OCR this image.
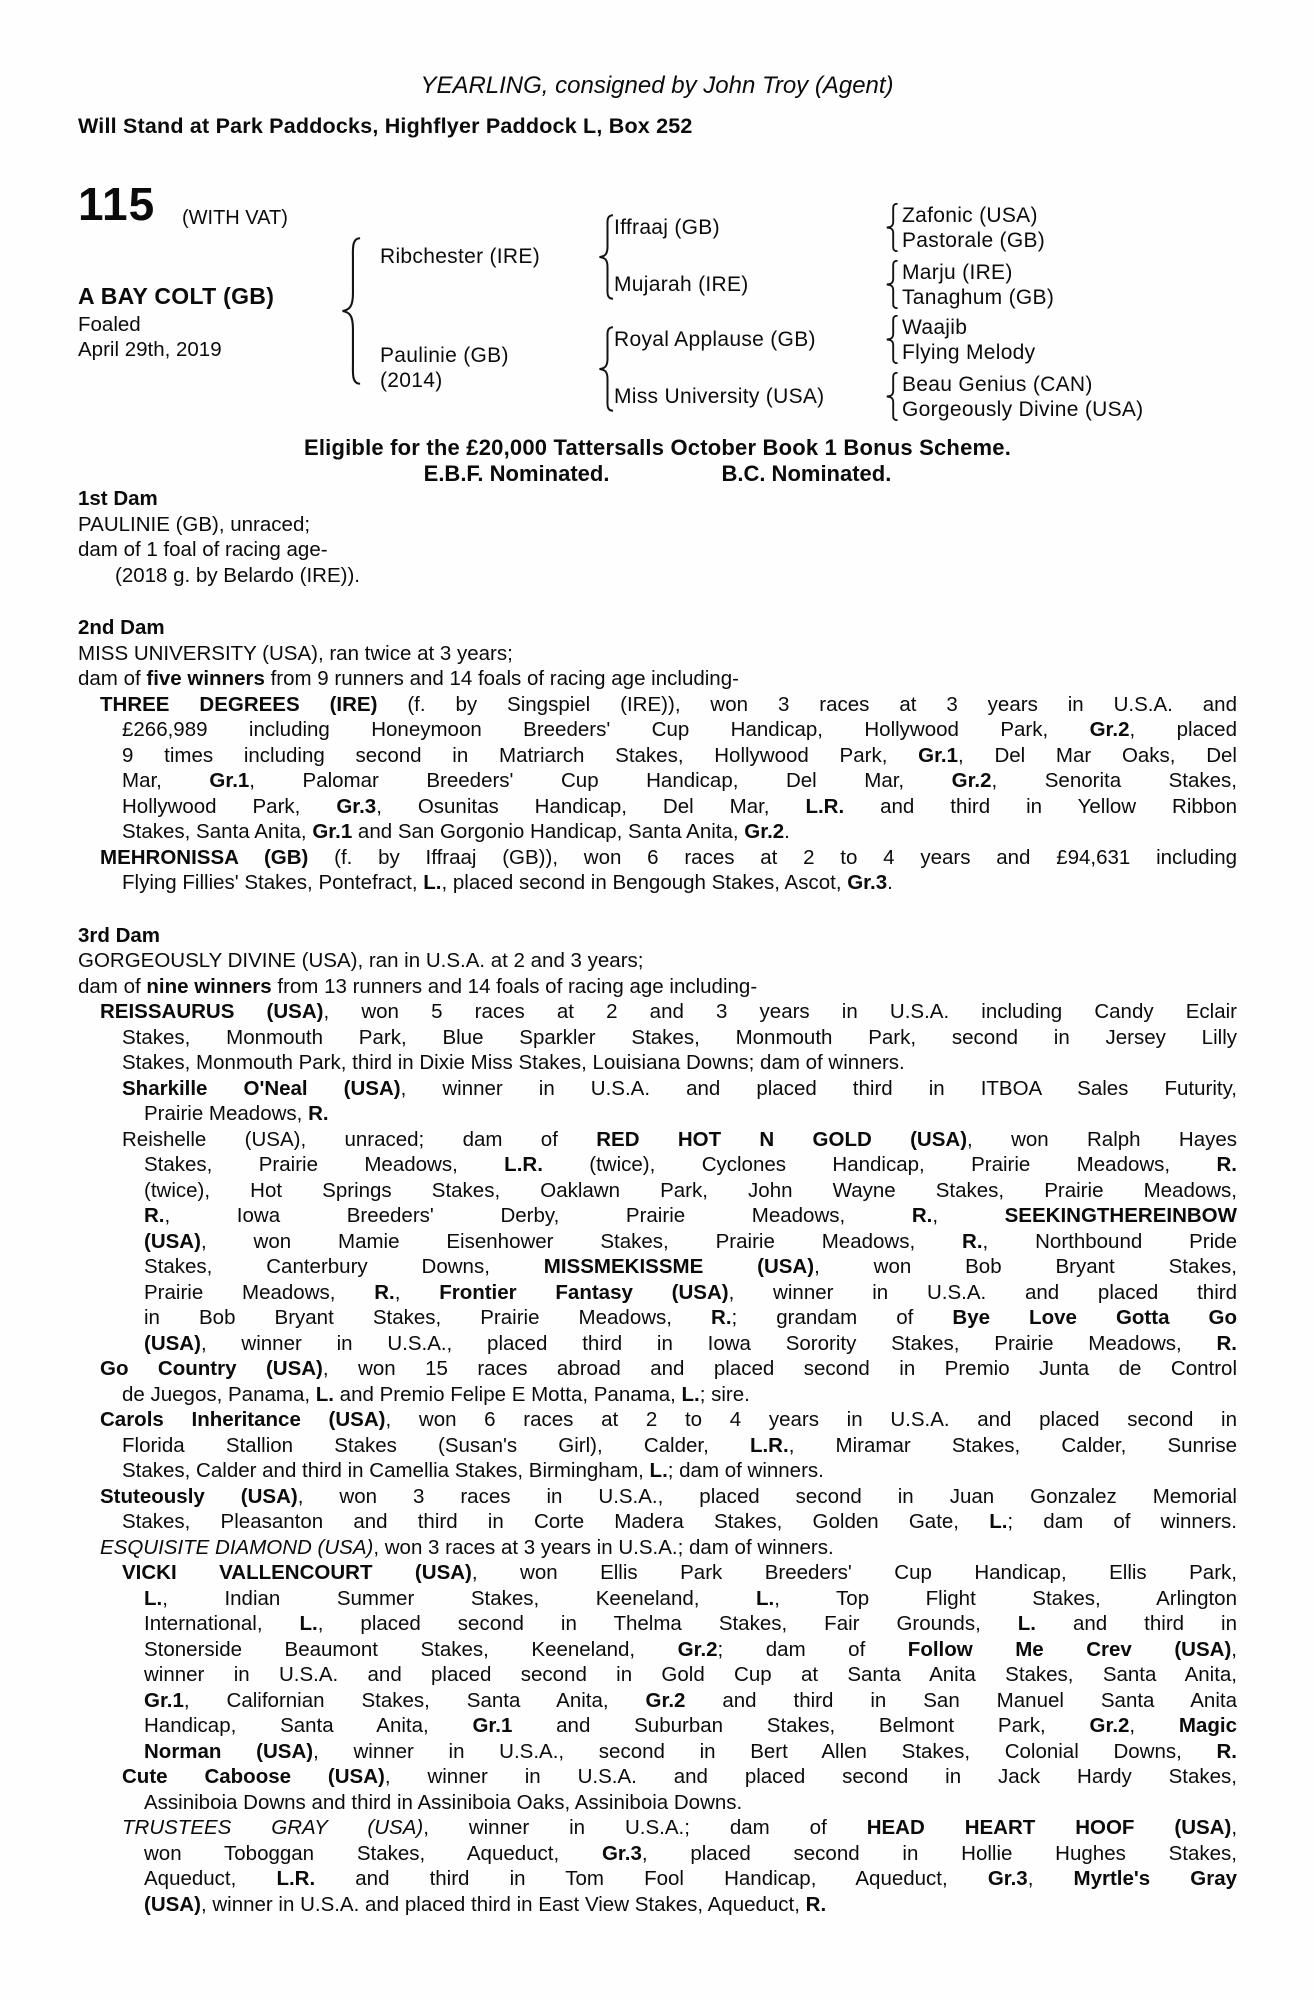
YEARLING, consigned by John Troy (Agent)
Will Stand at Park Paddocks, Highflyer Paddock L, Box 252
115 (WITH VAT)
A BAY COLT (GB)
Foaled
April 29th, 2019
Ribchester (IRE)
Paulinie (GB)
(2014)
Iffraaj (GB)
Mujarah (IRE)
Royal Applause (GB)
Miss University (USA)
Zafonic (USA)
Pastorale (GB)
Marju (IRE)
Tanaghum (GB)
Waajib
Flying Melody
Beau Genius (CAN)
Gorgeously Divine (USA)
Eligible for the £20,000 Tattersalls October Book 1 Bonus Scheme.
E.B.F. Nominated.	B.C. Nominated.
1st Dam
PAULINIE (GB), unraced;
dam of 1 foal of racing age-
(2018 g. by Belardo (IRE)).
2nd Dam
MISS UNIVERSITY (USA), ran twice at 3 years;
dam of five winners from 9 runners and 14 foals of racing age including-
THREE DEGREES (IRE) (f. by Singspiel (IRE)), won 3 races at 3 years in U.S.A. and
£266,989 including Honeymoon Breeders' Cup Handicap, Hollywood Park, Gr.2, placed
9 times including second in Matriarch Stakes, Hollywood Park, Gr.1, Del Mar Oaks, Del
Mar, Gr.1, Palomar Breeders' Cup Handicap, Del Mar, Gr.2, Senorita Stakes,
Hollywood Park, Gr.3, Osunitas Handicap, Del Mar, L.R. and third in Yellow Ribbon
Stakes, Santa Anita, Gr.1 and San Gorgonio Handicap, Santa Anita, Gr.2.
MEHRONISSA (GB) (f. by Iffraaj (GB)), won 6 races at 2 to 4 years and £94,631 including
Flying Fillies' Stakes, Pontefract, L., placed second in Bengough Stakes, Ascot, Gr.3.
3rd Dam
GORGEOUSLY DIVINE (USA), ran in U.S.A. at 2 and 3 years;
dam of nine winners from 13 runners and 14 foals of racing age including-
REISSAURUS (USA), won 5 races at 2 and 3 years in U.S.A. including Candy Eclair
Stakes, Monmouth Park, Blue Sparkler Stakes, Monmouth Park, second in Jersey Lilly
Stakes, Monmouth Park, third in Dixie Miss Stakes, Louisiana Downs; dam of winners.
Sharkille O'Neal (USA), winner in U.S.A. and placed third in ITBOA Sales Futurity,
Prairie Meadows, R.
Reishelle (USA), unraced; dam of RED HOT N GOLD (USA), won Ralph Hayes
Stakes, Prairie Meadows, L.R. (twice), Cyclones Handicap, Prairie Meadows, R.
(twice), Hot Springs Stakes, Oaklawn Park, John Wayne Stakes, Prairie Meadows,
R., Iowa Breeders' Derby, Prairie Meadows, R., SEEKINGTHEREINBOW
(USA), won Mamie Eisenhower Stakes, Prairie Meadows, R., Northbound Pride
Stakes, Canterbury Downs, MISSMEKISSME (USA), won Bob Bryant Stakes,
Prairie Meadows, R., Frontier Fantasy (USA), winner in U.S.A. and placed third
in Bob Bryant Stakes, Prairie Meadows, R.; grandam of Bye Love Gotta Go
(USA), winner in U.S.A., placed third in Iowa Sorority Stakes, Prairie Meadows, R.
Go Country (USA), won 15 races abroad and placed second in Premio Junta de Control
de Juegos, Panama, L. and Premio Felipe E Motta, Panama, L.; sire.
Carols Inheritance (USA), won 6 races at 2 to 4 years in U.S.A. and placed second in
Florida Stallion Stakes (Susan's Girl), Calder, L.R., Miramar Stakes, Calder, Sunrise
Stakes, Calder and third in Camellia Stakes, Birmingham, L.; dam of winners.
Stuteously (USA), won 3 races in U.S.A., placed second in Juan Gonzalez Memorial
Stakes, Pleasanton and third in Corte Madera Stakes, Golden Gate, L.; dam of winners.
ESQUISITE DIAMOND (USA), won 3 races at 3 years in U.S.A.; dam of winners.
VICKI VALLENCOURT (USA), won Ellis Park Breeders' Cup Handicap, Ellis Park,
L., Indian Summer Stakes, Keeneland, L., Top Flight Stakes, Arlington
International, L., placed second in Thelma Stakes, Fair Grounds, L. and third in
Stonerside Beaumont Stakes, Keeneland, Gr.2; dam of Follow Me Crev (USA),
winner in U.S.A. and placed second in Gold Cup at Santa Anita Stakes, Santa Anita,
Gr.1, Californian Stakes, Santa Anita, Gr.2 and third in San Manuel Santa Anita
Handicap, Santa Anita, Gr.1 and Suburban Stakes, Belmont Park, Gr.2, Magic
Norman (USA), winner in U.S.A., second in Bert Allen Stakes, Colonial Downs, R.
Cute Caboose (USA), winner in U.S.A. and placed second in Jack Hardy Stakes,
Assiniboia Downs and third in Assiniboia Oaks, Assiniboia Downs.
TRUSTEES GRAY (USA), winner in U.S.A.; dam of HEAD HEART HOOF (USA),
won Toboggan Stakes, Aqueduct, Gr.3, placed second in Hollie Hughes Stakes,
Aqueduct, L.R. and third in Tom Fool Handicap, Aqueduct, Gr.3, Myrtle's Gray
(USA), winner in U.S.A. and placed third in East View Stakes, Aqueduct, R.
